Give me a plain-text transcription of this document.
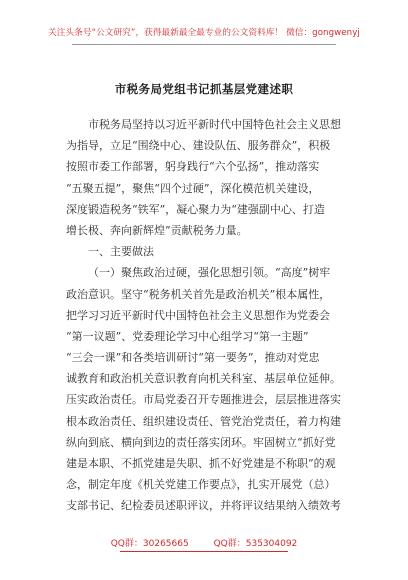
关注头条号“公文研究”，获得最新最全最专业的公文资料库！ 微信：gongwenyj
市税务局党组书记抓基层党建述职
市税务局坚持以习近平新时代中国特色社会主义思想
为指导，立足“围绕中心、建设队伍、服务群众”，积极
按照市委工作部署，躬身践行“六个弘扬”，推动落实
“五聚五提”，聚焦“四个过硬”，深化模范机关建设，
深度锻造税务“铁军”，凝心聚力为“建强副中心、打造
增长极、奔向新辉煌”贡献税务力量。
一、主要做法
（一）聚焦政治过硬，强化思想引领。“高度”树牢
政治意识。坚守“税务机关首先是政治机关”根本属性，
把学习习近平新时代中国特色社会主义思想作为党委会
“第一议题”、党委理论学习中心组学习“第一主题”
“三会一课”和各类培训研讨“第一要务”，推动对党忠
诚教育和政治机关意识教育向机关科室、基层单位延伸。
压实政治责任。市局党委召开专题推进会，层层推进落实
根本政治责任、组织建设责任、管党治党责任，着力构建
纵向到底、横向到边的责任落实闭环。牢固树立“抓好党
建是本职、不抓党建是失职、抓不好党建是不称职”的观
念，制定年度《机关党建工作要点》，扎实开展党（总）
支部书记、纪检委员述职评议，并将评议结果纳入绩效考
QQ群：30265665	QQ群：535304092
